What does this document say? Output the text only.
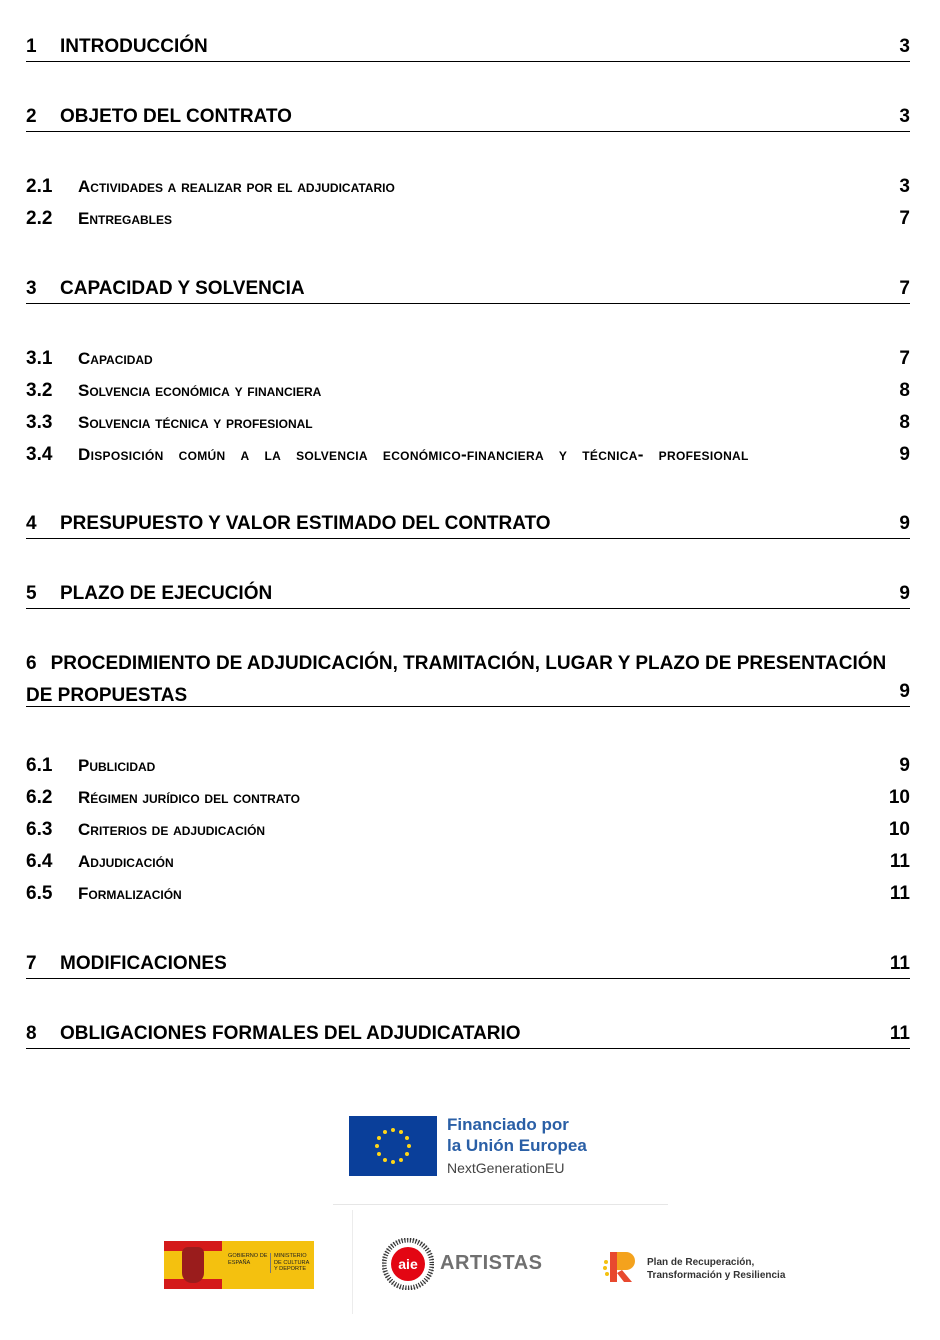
1 INTRODUCCIÓN	3
2 OBJETO DEL CONTRATO	3
2.1 Actividades a realizar por el adjudicatario	3
2.2 Entregables	7
3 CAPACIDAD Y SOLVENCIA	7
3.1 Capacidad	7
3.2 Solvencia económica y financiera	8
3.3 Solvencia técnica y profesional	8
3.4 Disposición común a la solvencia económico-financiera y técnica- profesional	9
4 PRESUPUESTO Y VALOR ESTIMADO DEL CONTRATO	9
5 PLAZO DE EJECUCIÓN	9
6 PROCEDIMIENTO DE ADJUDICACIÓN, TRAMITACIÓN, LUGAR Y PLAZO DE PRESENTACIÓN DE PROPUESTAS	9
6.1 Publicidad	9
6.2 Régimen jurídico del contrato	10
6.3 Criterios de adjudicación	10
6.4 Adjudicación	11
6.5 Formalización	11
7 MODIFICACIONES	11
8 OBLIGACIONES FORMALES DEL ADJUDICATARIO	11
Financiado por
la Unión Europea
NextGenerationEU
GOBIERNO DE ESPAÑA
MINISTERIO DE CULTURA Y DEPORTE	aie ARTISTAS	Plan de Recuperación,
Transformación y Resiliencia
